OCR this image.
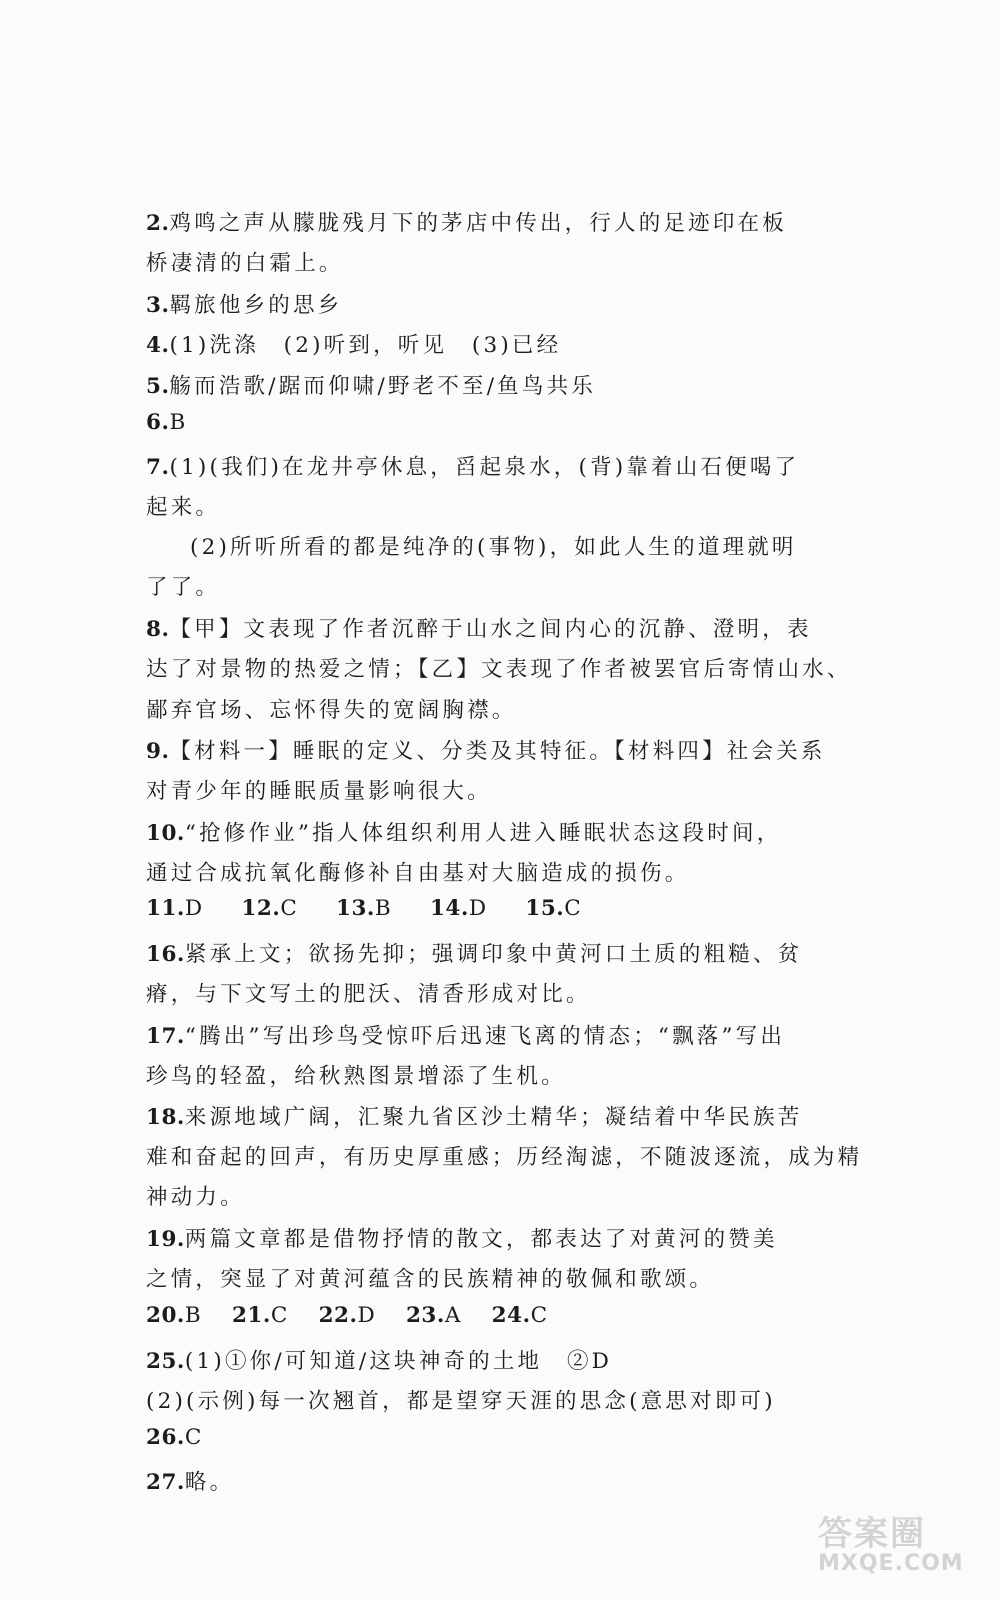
2.鸡鸣之声从朦胧残月下的茅店中传出，行人的足迹印在板
桥凄清的白霜上。
3.羁旅他乡的思乡
4.(1)洗涤　(2)听到，听见　(3)已经
5.觞而浩歌/踞而仰啸/野老不至/鱼鸟共乐
6.B
7.(1)(我们)在龙井亭休息，舀起泉水，(背)靠着山石便喝了
起来。
(2)所听所看的都是纯净的(事物)，如此人生的道理就明
了了。
8.【甲】文表现了作者沉醉于山水之间内心的沉静、澄明，表
达了对景物的热爱之情；【乙】文表现了作者被罢官后寄情山水、
鄙弃官场、忘怀得失的宽阔胸襟。
9.【材料一】睡眠的定义、分类及其特征。【材料四】社会关系
对青少年的睡眠质量影响很大。
10.“抢修作业”指人体组织利用人进入睡眠状态这段时间，
通过合成抗氧化酶修补自由基对大脑造成的损伤。
11.D 12.C 13.B 14.D 15.C
16.紧承上文；欲扬先抑；强调印象中黄河口土质的粗糙、贫
瘠，与下文写土的肥沃、清香形成对比。
17.“腾出”写出珍鸟受惊吓后迅速飞离的情态；“飘落”写出
珍鸟的轻盈，给秋熟图景增添了生机。
18.来源地域广阔，汇聚九省区沙土精华；凝结着中华民族苦
难和奋起的回声，有历史厚重感；历经淘滤，不随波逐流，成为精
神动力。
19.两篇文章都是借物抒情的散文，都表达了对黄河的赞美
之情，突显了对黄河蕴含的民族精神的敬佩和歌颂。
20.B 21.C 22.D 23.A 24.C
25.(1)①你/可知道/这块神奇的土地　②D
(2)(示例)每一次翘首，都是望穿天涯的思念(意思对即可)
26.C
27.略。
答案圈
MXQE.COM
